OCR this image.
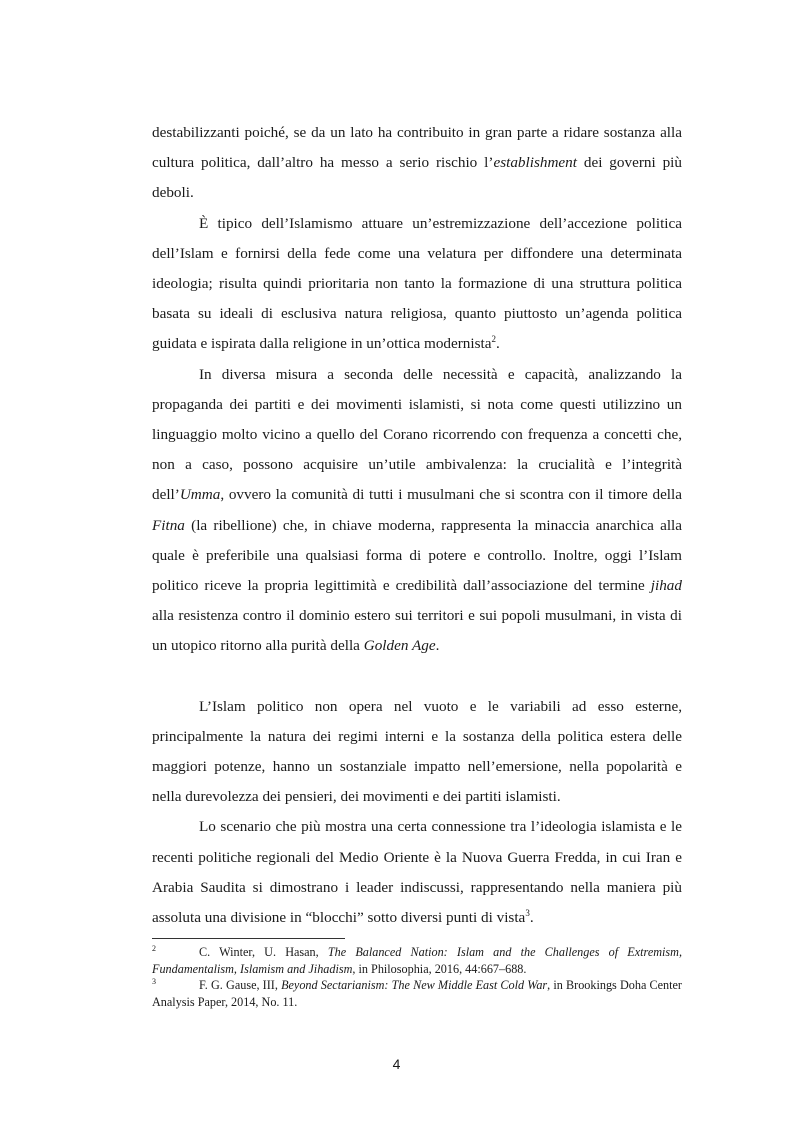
destabilizzanti poiché, se da un lato ha contribuito in gran parte a ridare sostanza alla cultura politica, dall’altro ha messo a serio rischio l’establishment dei governi più deboli.

È tipico dell’Islamismo attuare un’estremizzazione dell’accezione politica dell’Islam e fornirsi della fede come una velatura per diffondere una determinata ideologia; risulta quindi prioritaria non tanto la formazione di una struttura politica basata su ideali di esclusiva natura religiosa, quanto piuttosto un’agenda politica guidata e ispirata dalla religione in un’ottica modernista$^2$.

In diversa misura a seconda delle necessità e capacità, analizzando la propaganda dei partiti e dei movimenti islamisti, si nota come questi utilizzino un linguaggio molto vicino a quello del Corano ricorrendo con frequenza a concetti che, non a caso, possono acquisire un’utile ambivalenza: la crucialità e l’integrità dell’Umma, ovvero la comunità di tutti i musulmani che si scontra con il timore della Fitna (la ribellione) che, in chiave moderna, rappresenta la minaccia anarchica alla quale è preferibile una qualsiasi forma di potere e controllo. Inoltre, oggi l’Islam politico riceve la propria legittimità e credibilità dall’associazione del termine jihad alla resistenza contro il dominio estero sui territori e sui popoli musulmani, in vista di un utopico ritorno alla purità della Golden Age.

L’Islam politico non opera nel vuoto e le variabili ad esso esterne, principalmente la natura dei regimi interni e la sostanza della politica estera delle maggiori potenze, hanno un sostanziale impatto nell’emersione, nella popolarità e nella durevolezza dei pensieri, dei movimenti e dei partiti islamisti.

Lo scenario che più mostra una certa connessione tra l’ideologia islamista e le recenti politiche regionali del Medio Oriente è la Nuova Guerra Fredda, in cui Iran e Arabia Saudita si dimostrano i leader indiscussi, rappresentando nella maniera più assoluta una divisione in “blocchi” sotto diversi punti di vista$^3$.

2	C. Winter, U. Hasan, The Balanced Nation: Islam and the Challenges of Extremism, Fundamentalism, Islamism and Jihadism, in Philosophia, 2016, 44:667–688.

3	F. G. Gause, III, Beyond Sectarianism: The New Middle East Cold War, in Brookings Doha Center Analysis Paper, 2014, No. 11.

4
